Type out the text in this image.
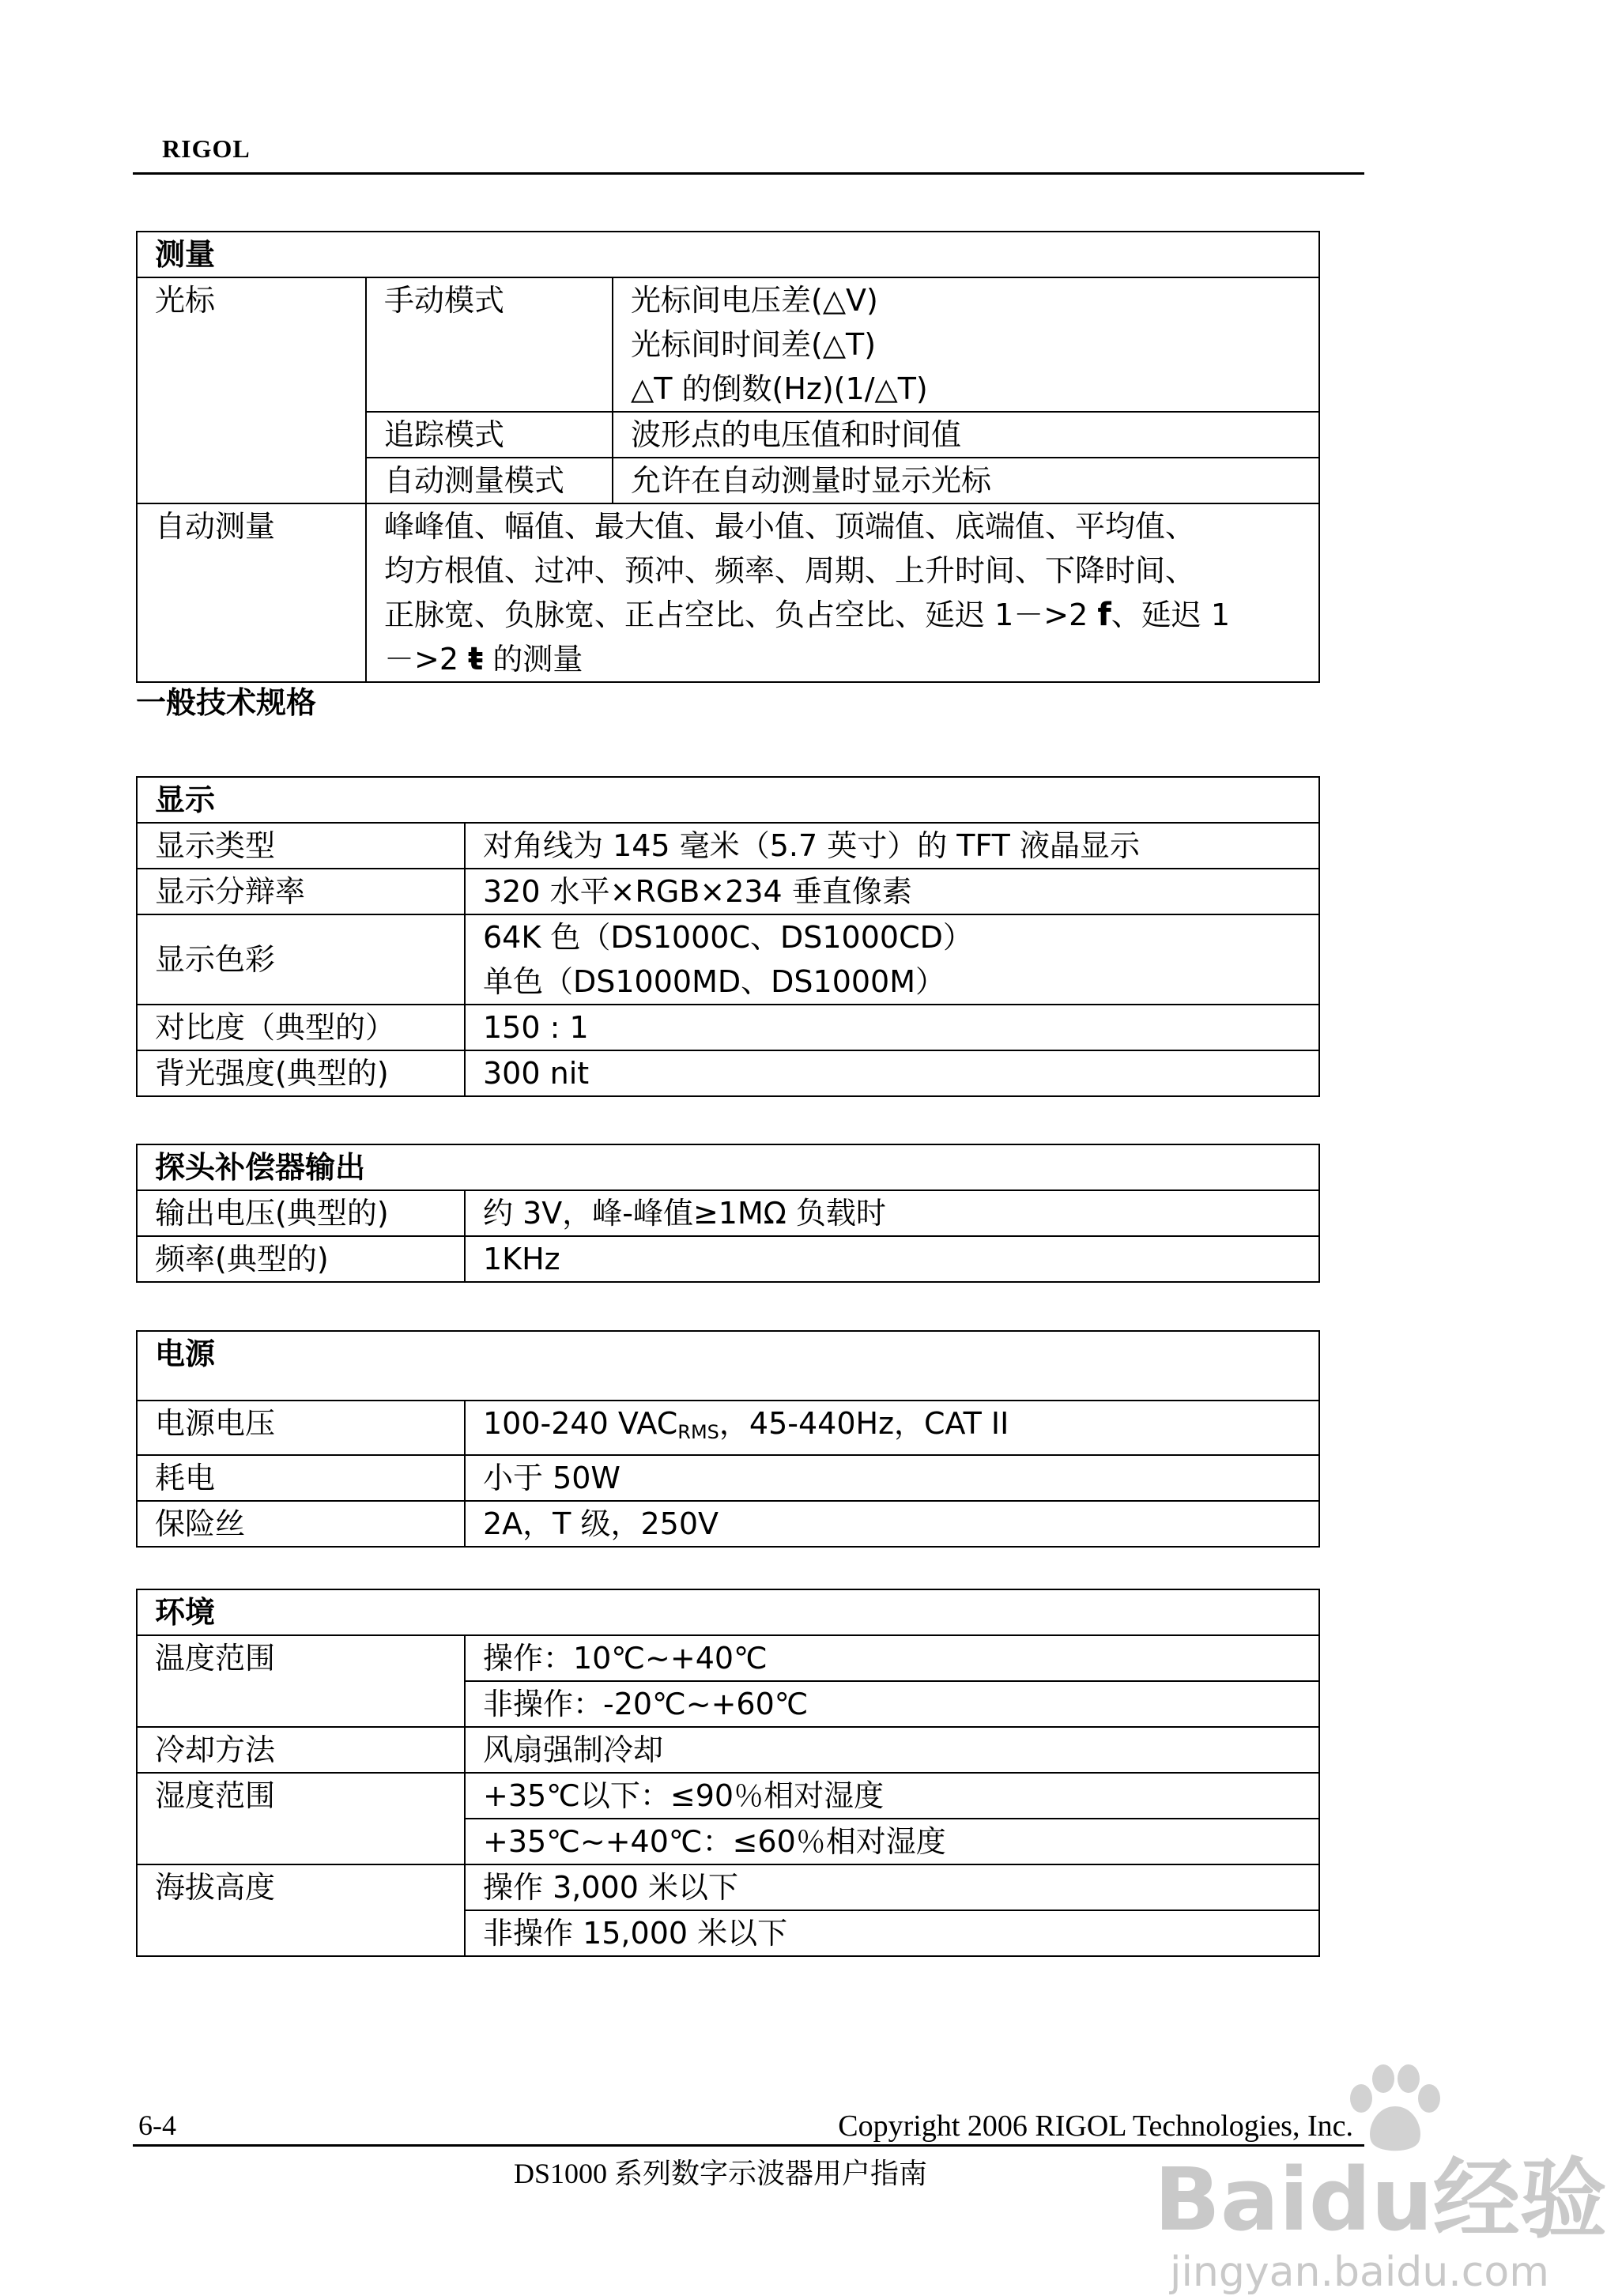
RIGOL
测量		
光标	手动模式	光标间电压差(△V)
光标间时间差(△T)
△T 的倒数(Hz)(1/△T)

	追踪模式	波形点的电压值和时间值
	自动测量模式	允许在自动测量时显示光标
自动测量	峰峰值、幅值、最大值、最小值、顶端值、底端值、平均值、
均方根值、过冲、预冲、频率、周期、上升时间、下降时间、
正脉宽、负脉宽、正占空比、负占空比、延迟 1－>2 f、延迟 1
－>2 ŧ 的测量	
一般技术规格
显示	
显示类型	对角线为 145 毫米（5.7 英寸）的 TFT 液晶显示
显示分辩率	320 水平×RGB×234 垂直像素
显示色彩	64K 色（DS1000C、DS1000CD）
单色（DS1000MD、DS1000M）

对比度（典型的）	150 : 1
背光强度(典型的)	300 nit
探头补偿器输出	
输出电压(典型的)	约 3V，峰-峰值≥1MΩ 负载时
频率(典型的)	1KHz
电源	
电源电压	100-240 $VAC_{RMS}$，45-440Hz，CAT II
耗电	小于 50W
保险丝	2A，T 级，250V
环境	
温度范围	操作：10℃~+40℃
	非操作：-20℃~+60℃
冷却方法	风扇强制冷却
湿度范围	+35℃以下：≤90％相对湿度
	+35℃~+40℃：≤60％相对湿度
海拔高度	操作 3,000 米以下
	非操作 15,000 米以下
6-4	Copyright 2006 RIGOL Technologies, Inc.
DS1000 系列数字示波器用户指南	Baidu经验
jingyan.baidu.com
